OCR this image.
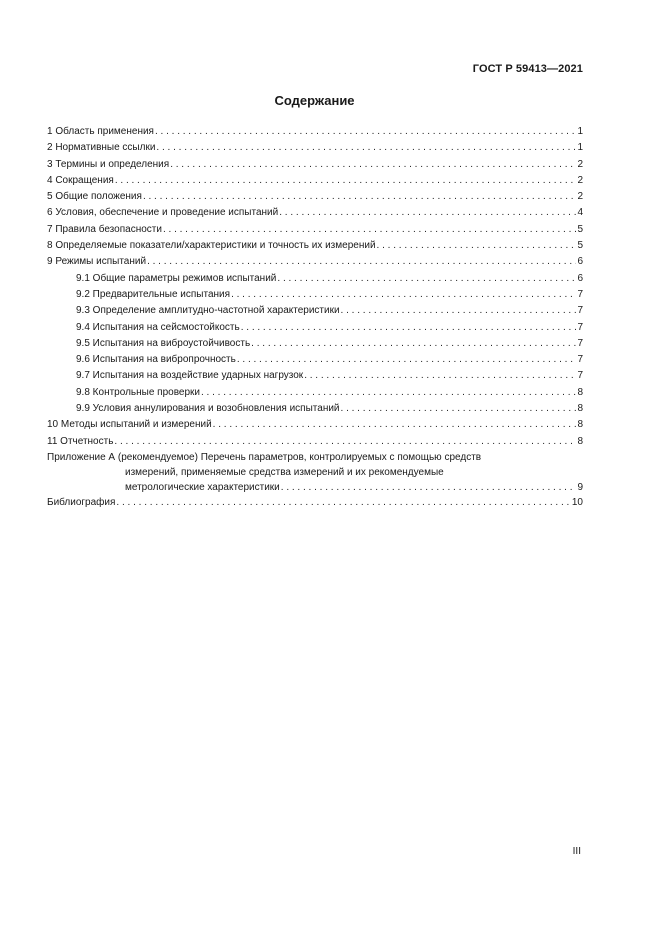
ГОСТ Р 59413—2021
Содержание
1 Область применения . . .	1
2 Нормативные ссылки . . .	1
3 Термины и определения . . .	2
4 Сокращения . . .	2
5 Общие положения . . .	2
6 Условия, обеспечение и проведение испытаний . . .	4
7 Правила безопасности . . .	5
8 Определяемые показатели/характеристики и точность их измерений . . .	5
9 Режимы испытаний . . .	6
9.1 Общие параметры режимов испытаний . . .	6
9.2 Предварительные испытания . . .	7
9.3 Определение амплитудно-частотной характеристики . . .	7
9.4 Испытания на сейсмостойкость . . .	7
9.5 Испытания на виброустойчивость . . .	7
9.6 Испытания на вибропрочность . . .	7
9.7 Испытания на воздействие ударных нагрузок . . .	7
9.8 Контрольные проверки . . .	8
9.9 Условия аннулирования и возобновления испытаний . . .	8
10 Методы испытаний и измерений . . .	8
11 Отчетность . . .	8
Приложение А (рекомендуемое) Перечень параметров, контролируемых с помощью средств
измерений, применяемые средства измерений и их рекомендуемые
метрологические характеристики . . .	9
Библиография . . .	10
III
